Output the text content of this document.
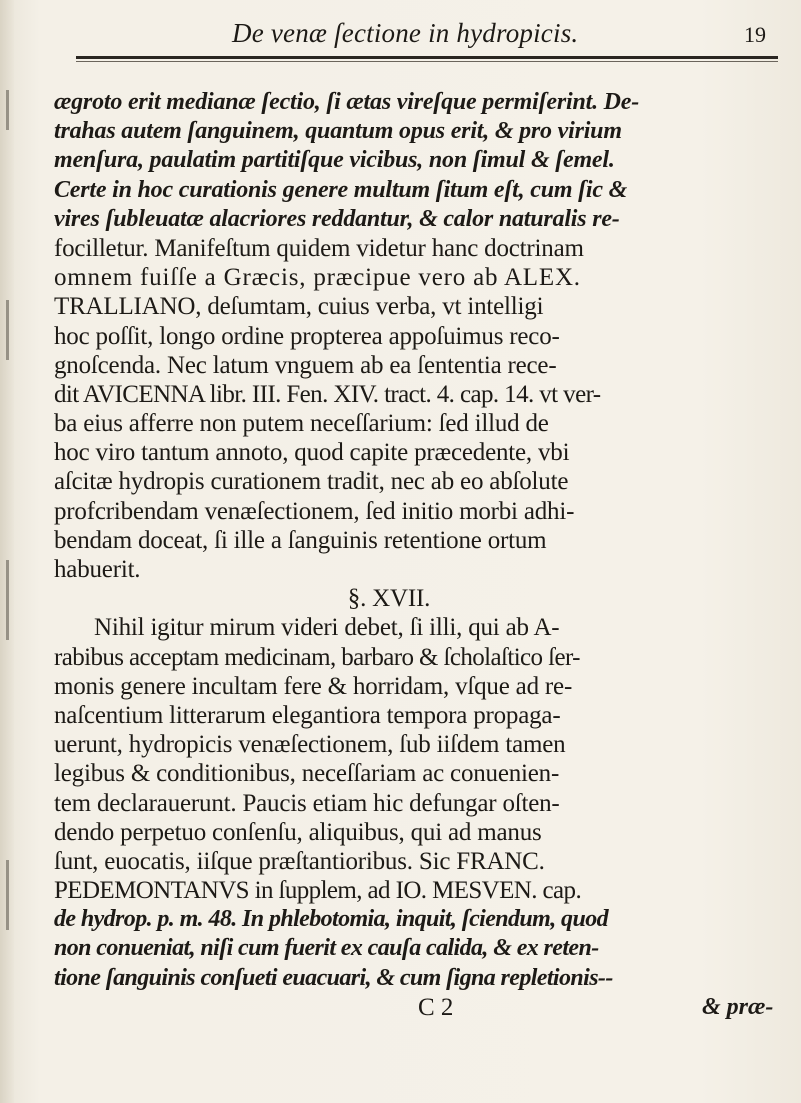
De venæ ſectione in hydropicis.	19
ægroto erit medianæ ſectio, ſi ætas vireſque permiſerint. De-
trahas autem ſanguinem, quantum opus erit, & pro virium
menſura, paulatim partitiſque vicibus, non ſimul & ſemel.
Certe in hoc curationis genere multum ſitum eſt, cum ſic &
vires ſubleuatæ alacriores reddantur, & calor naturalis re-
focilletur. Manifeſtum quidem videtur hanc doctrinam
omnem fuiſſe a Græcis, præcipue vero ab ALEX.
TRALLIANO, deſumtam, cuius verba, vt intelligi
hoc poſſit, longo ordine propterea appoſuimus reco-
gnoſcenda. Nec latum vnguem ab ea ſententia rece-
dit AVICENNA libr. III. Fen. XIV. tract. 4. cap. 14. vt ver-
ba eius afferre non putem neceſſarium: ſed illud de
hoc viro tantum annoto, quod capite præcedente, vbi
aſcitæ hydropis curationem tradit, nec ab eo abſolute
profcribendam venæſectionem, ſed initio morbi adhi-
bendam doceat, ſi ille a ſanguinis retentione ortum
habuerit.
§. XVII.
Nihil igitur mirum videri debet, ſi illi, qui ab A-
rabibus acceptam medicinam, barbaro & ſcholaſtico ſer-
monis genere incultam fere & horridam, vſque ad re-
naſcentium litterarum elegantiora tempora propaga-
uerunt, hydropicis venæſectionem, ſub iiſdem tamen
legibus & conditionibus, neceſſariam ac conuenien-
tem declarauerunt. Paucis etiam hic defungar oſten-
dendo perpetuo conſenſu, aliquibus, qui ad manus
ſunt, euocatis, iiſque præſtantioribus. Sic FRANC.
PEDEMONTANVS in ſupplem, ad IO. MESVEN. cap.
de hydrop. p. m. 48. In phlebotomia, inquit, ſciendum, quod
non conueniat, niſi cum fuerit ex cauſa calida, & ex reten-
tione ſanguinis conſueti euacuari, & cum ſigna repletionis--
C 2	& præ-
